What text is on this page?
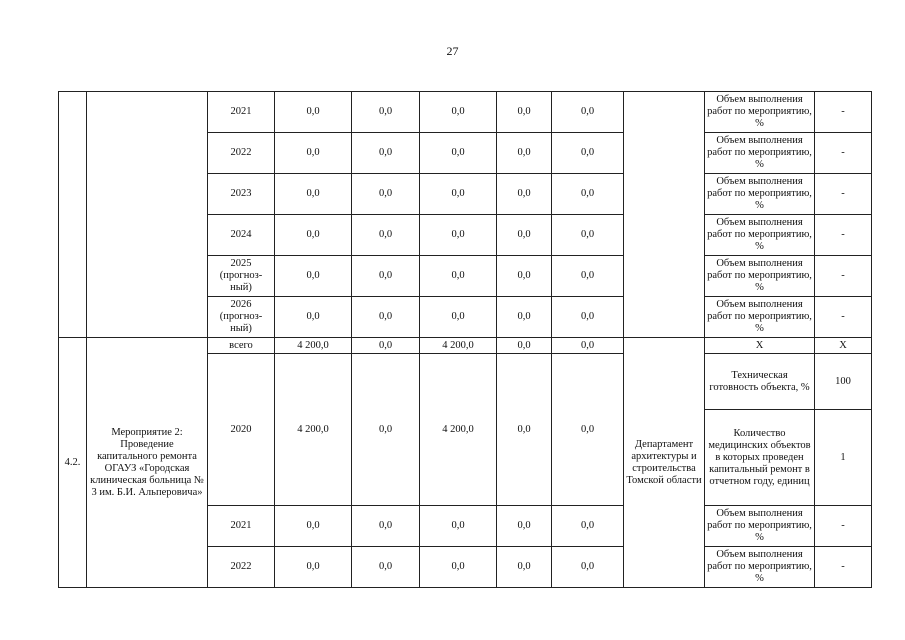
27
		2021	0,0	0,0	0,0	0,0	0,0		Объем выполнения работ по мероприятию, %	-
		2022	0,0	0,0	0,0	0,0	0,0		Объем выполнения работ по мероприятию, %	-
		2023	0,0	0,0	0,0	0,0	0,0		Объем выполнения работ по мероприятию, %	-
		2024	0,0	0,0	0,0	0,0	0,0		Объем выполнения работ по мероприятию, %	-
		2025 (прогноз-ный)	0,0	0,0	0,0	0,0	0,0		Объем выполнения работ по мероприятию, %	-
		2026 (прогноз-ный)	0,0	0,0	0,0	0,0	0,0		Объем выполнения работ по мероприятию, %	-
4.2.	Мероприятие 2: Проведение капитального ремонта ОГАУЗ «Городская клиническая больница № 3 им. Б.И. Альперовича»	всего	4 200,0	0,0	4 200,0	0,0	0,0	Департамент архитектуры и строительства Томской области	X	X
		2020	4 200,0	0,0	4 200,0	0,0	0,0		Техническая готовность объекта, %	100
									Количество медицинских объектов в которых проведен капитальный ремонт в отчетном году, единиц	1
		2021	0,0	0,0	0,0	0,0	0,0		Объем выполнения работ по мероприятию, %	-
		2022	0,0	0,0	0,0	0,0	0,0		Объем выполнения работ по мероприятию, %	-
